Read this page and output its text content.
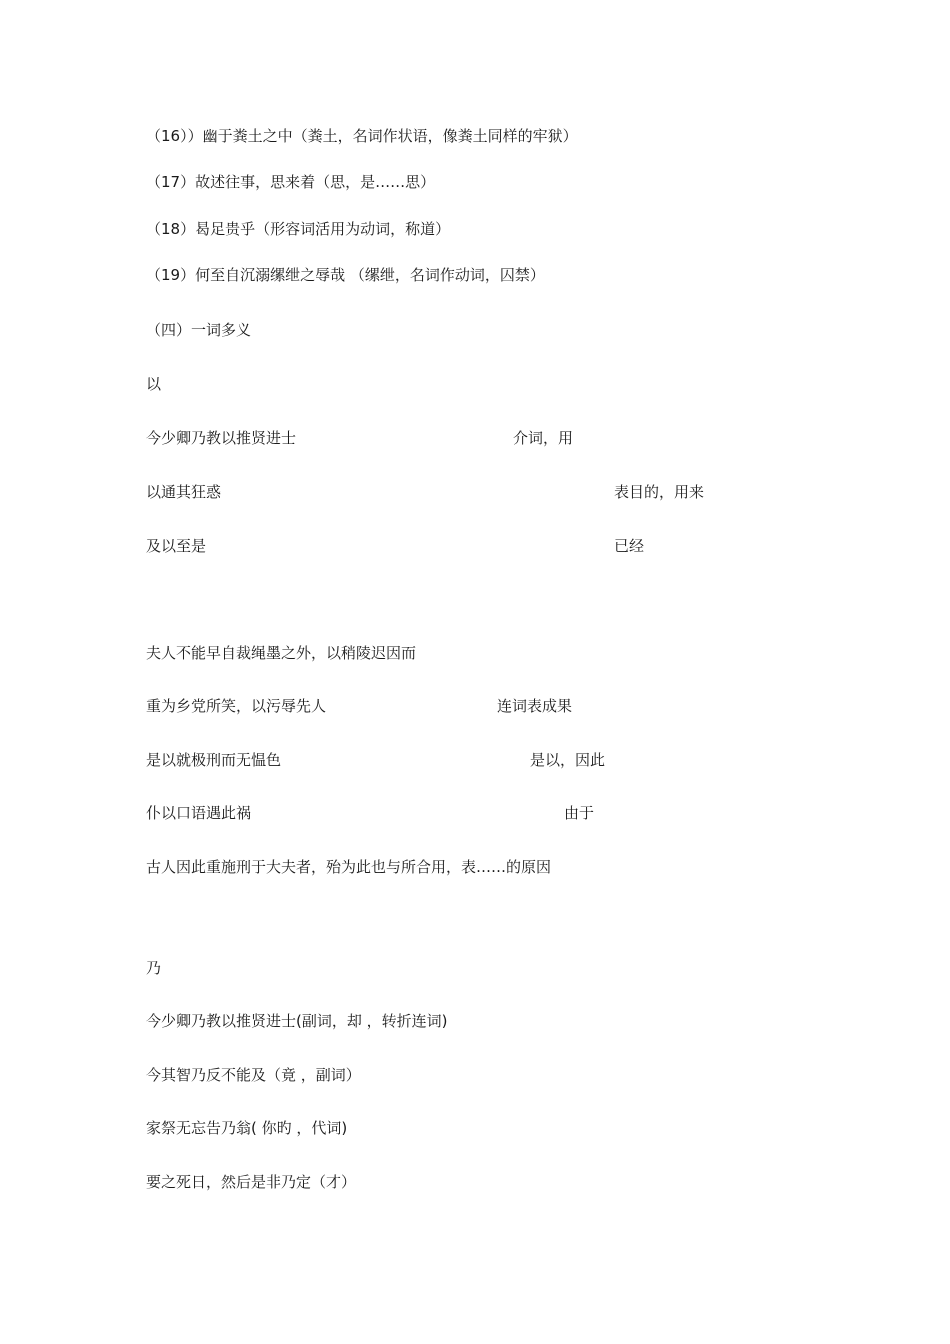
（16））幽于粪土之中（粪土，名词作状语，像粪土同样的牢狱）
（17）故述往事，思来着（思，是……思）
（18）曷足贵乎（形容词活用为动词，称道）
（19）何至自沉溺缧绁之辱哉 （缧绁，名词作动词，囚禁）
（四）一词多义
以
今少卿乃教以推贤进士	介词，用
以通其狂惑	表目的，用来
及以至是	已经
夫人不能早自裁绳墨之外，以稍陵迟因而
重为乡党所笑，以污辱先人	连词表成果
是以就极刑而无愠色	是以，因此
仆以口语遇此祸	由于
古人因此重施刑于大夫者，殆为此也与所合用，表……的原因
乃
今少卿乃教以推贤进士(副词，却 ，转折连词)
今其智乃反不能及（竟 ，副词）
家祭无忘告乃翁( 你旳 ，代词)
要之死日，然后是非乃定（才）
